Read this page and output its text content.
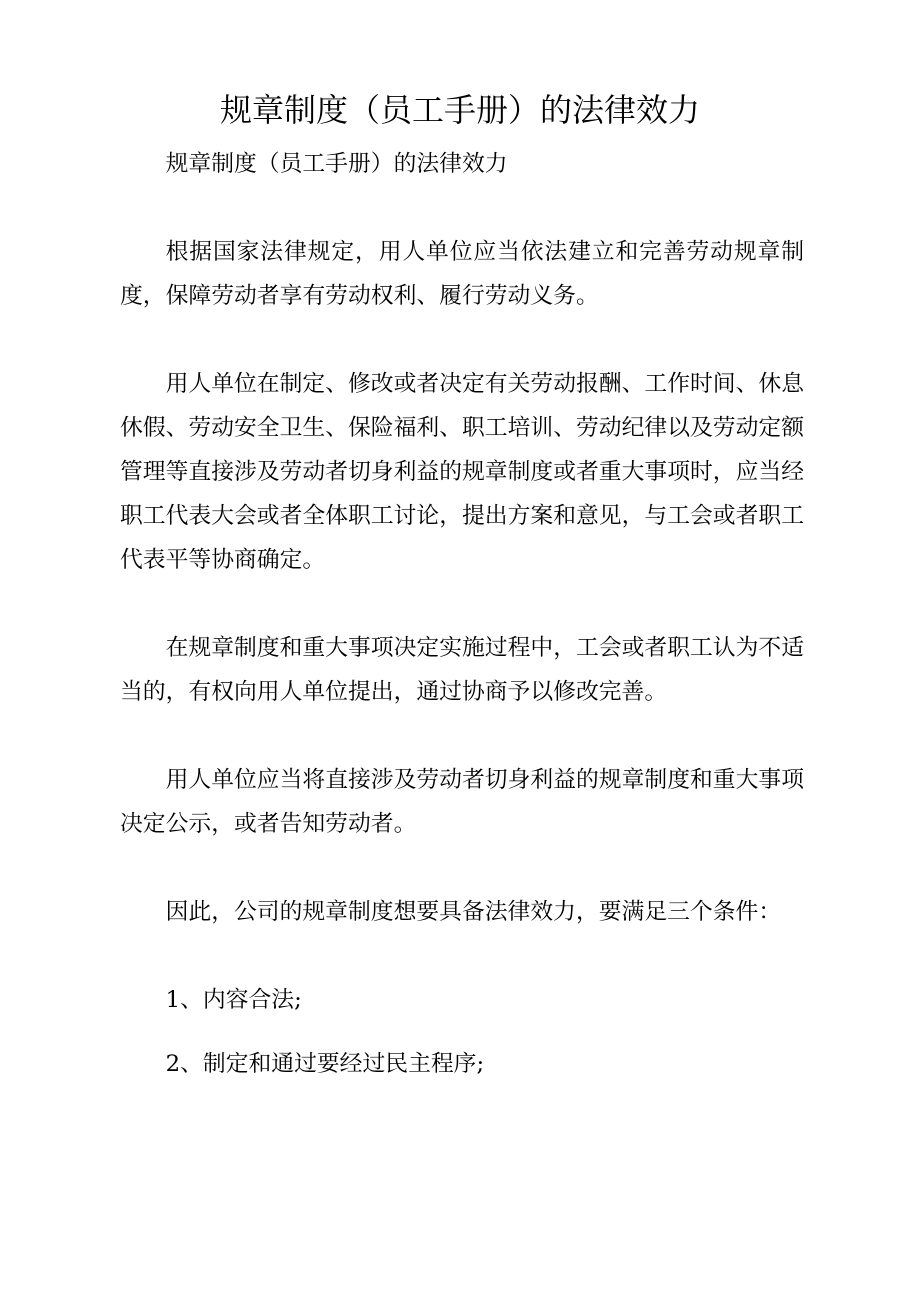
规章制度（员工手册）的法律效力

规章制度（员工手册）的法律效力

根据国家法律规定，用人单位应当依法建立和完善劳动规章制度，保障劳动者享有劳动权利、履行劳动义务。

用人单位在制定、修改或者决定有关劳动报酬、工作时间、休息休假、劳动安全卫生、保险福利、职工培训、劳动纪律以及劳动定额管理等直接涉及劳动者切身利益的规章制度或者重大事项时，应当经职工代表大会或者全体职工讨论，提出方案和意见，与工会或者职工代表平等协商确定。

在规章制度和重大事项决定实施过程中，工会或者职工认为不适当的，有权向用人单位提出，通过协商予以修改完善。

用人单位应当将直接涉及劳动者切身利益的规章制度和重大事项决定公示，或者告知劳动者。

因此，公司的规章制度想要具备法律效力，要满足三个条件：

1、内容合法;

2、制定和通过要经过民主程序;
